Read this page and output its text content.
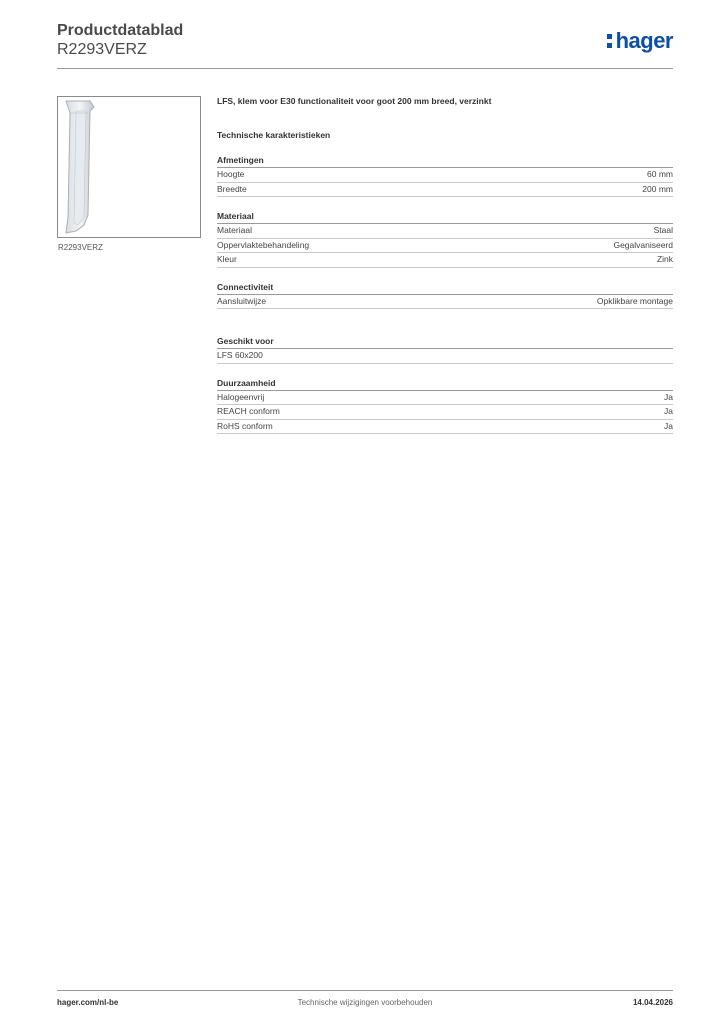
Productdatablad
R2293VERZ	hager
R2293VERZ
LFS, klem voor E30 functionaliteit voor goot 200 mm breed, verzinkt
Technische karakteristieken
Afmetingen
Hoogte	60 mm
Breedte	200 mm
Materiaal
Materiaal	Staal
Oppervlaktebehandeling	Gegalvaniseerd
Kleur	Zink
Connectiviteit
Aansluitwijze	Opklikbare montage
Geschikt voor
LFS 60x200
Duurzaamheid
Halogeenvrij	Ja
REACH conform	Ja
RoHS conform	Ja
hager.com/nl-be	Technische wijzigingen voorbehouden	14.04.2026
